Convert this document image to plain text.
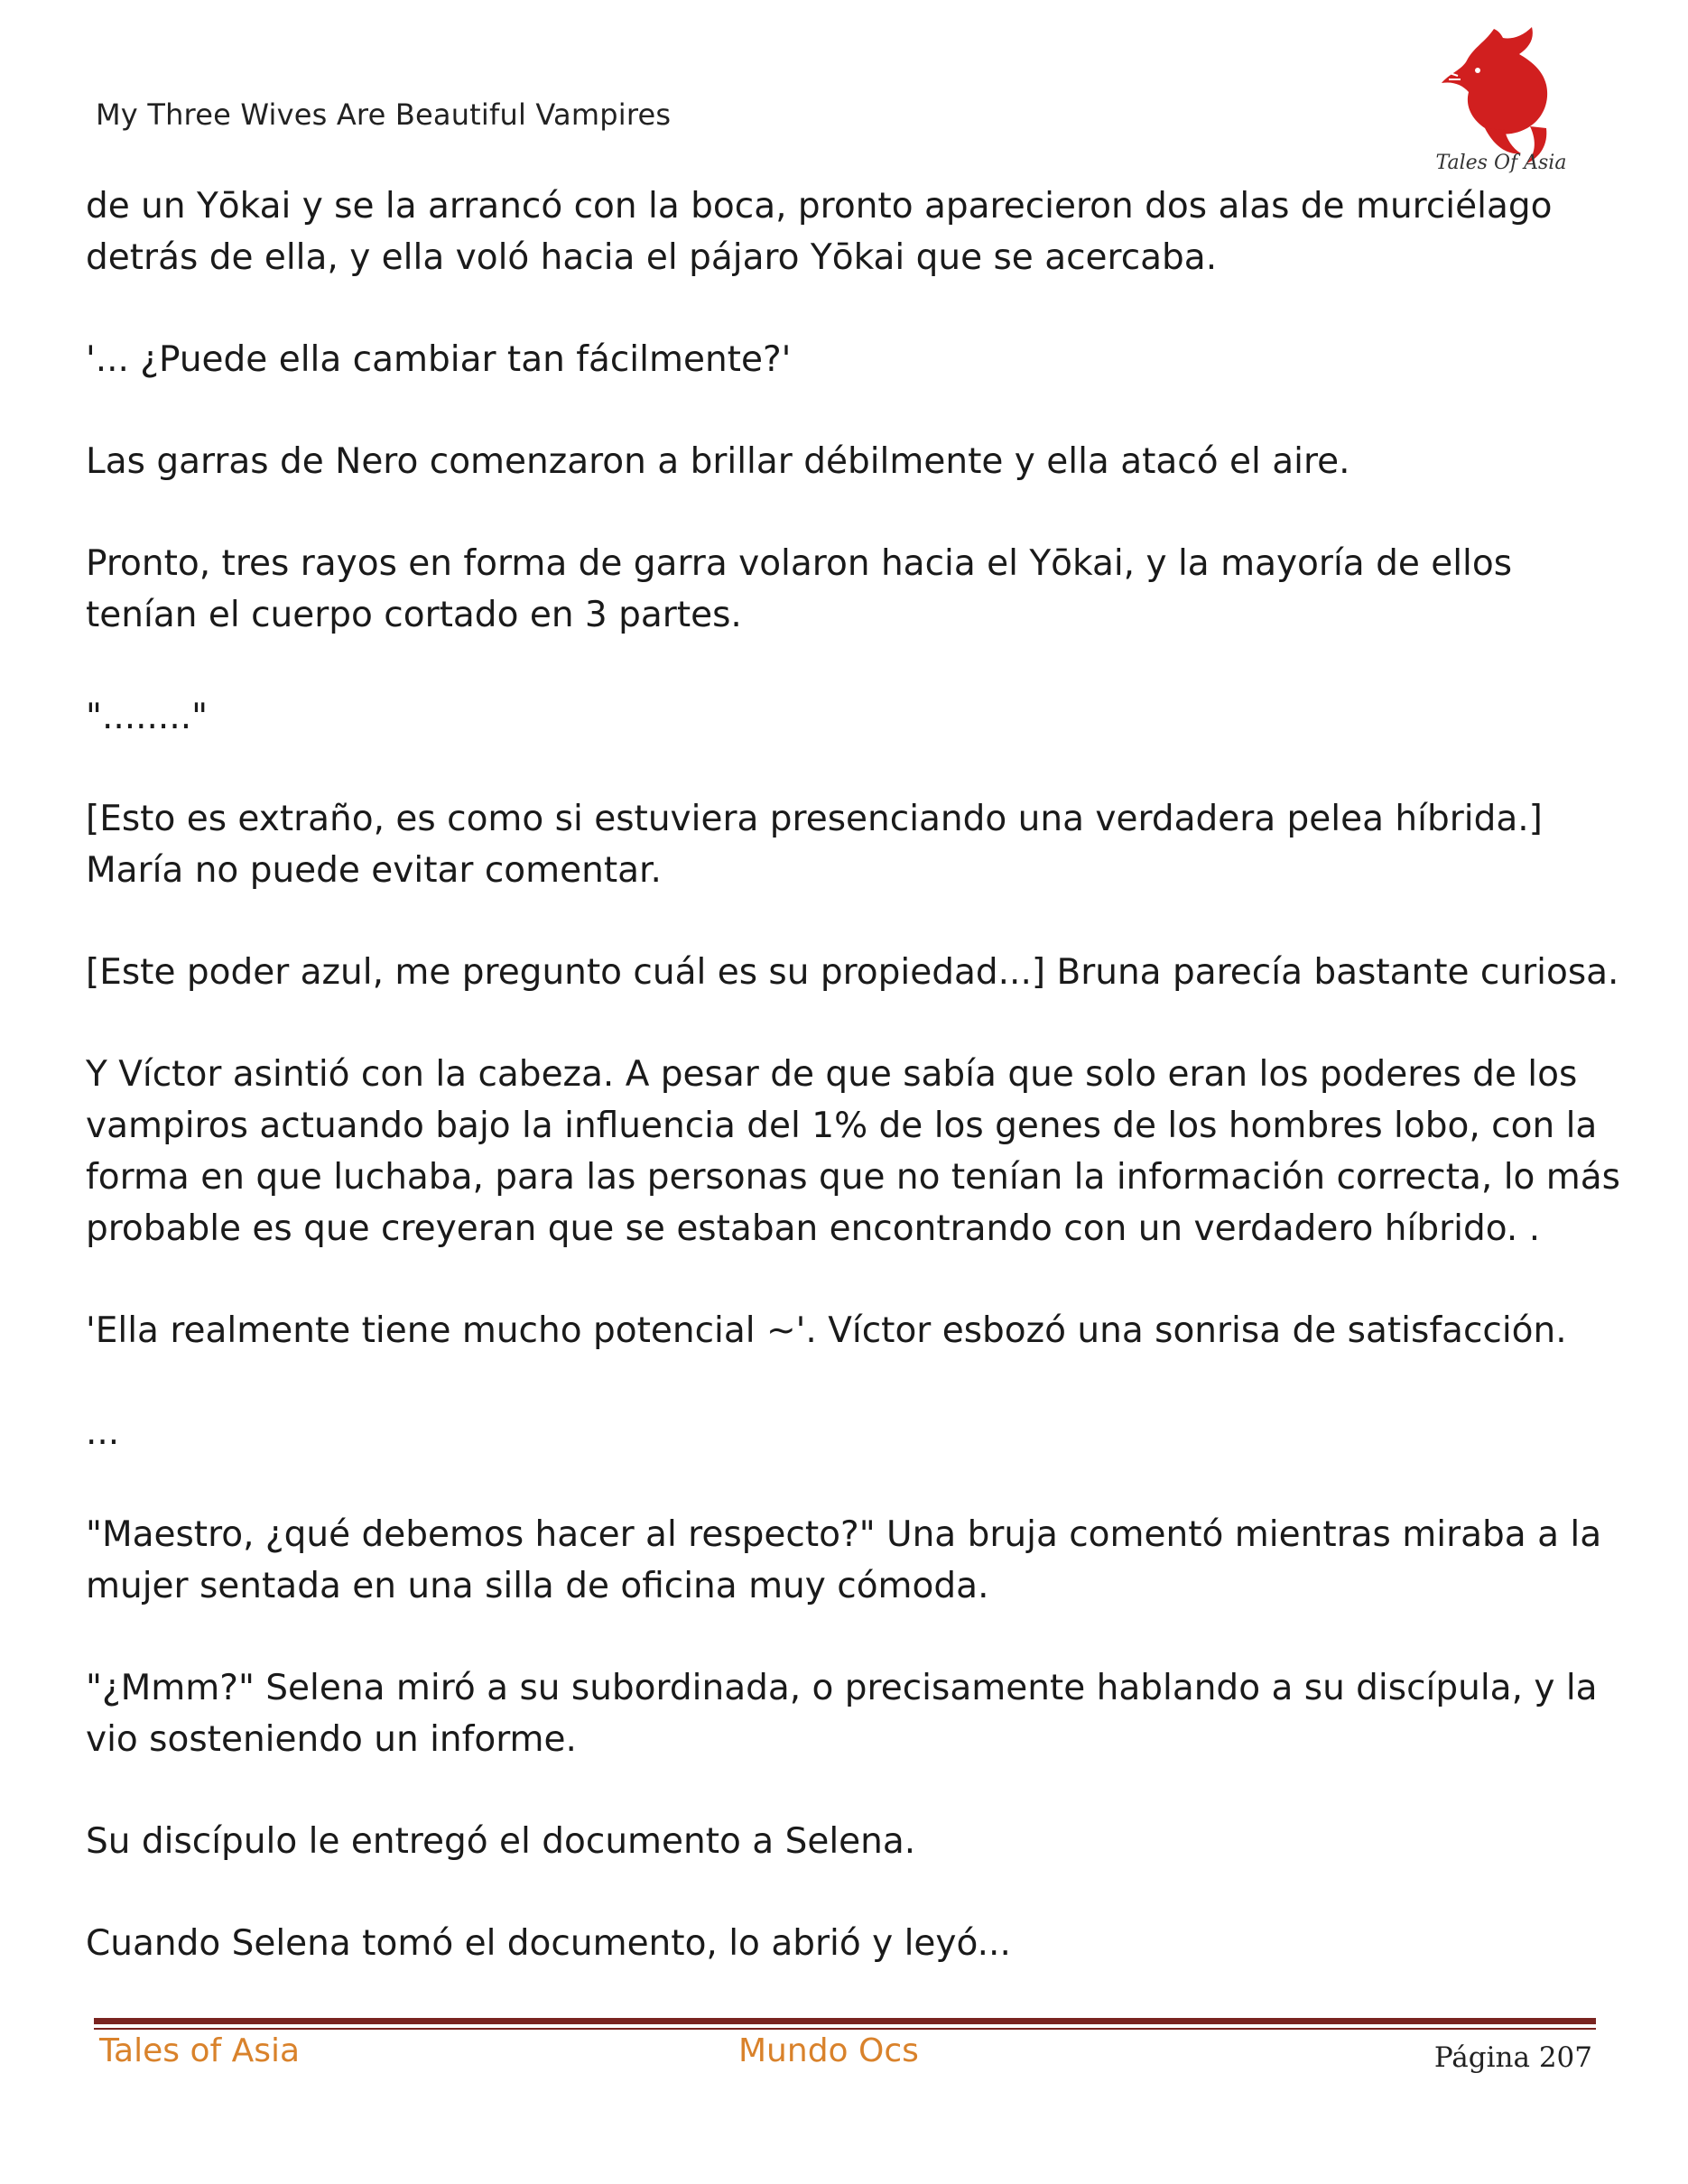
My Three Wives Are Beautiful Vampires
Tales Of Asia

de un Yōkai y se la arrancó con la boca, pronto aparecieron dos alas de murciélago detrás de ella, y ella voló hacia el pájaro Yōkai que se acercaba.

'... ¿Puede ella cambiar tan fácilmente?'

Las garras de Nero comenzaron a brillar débilmente y ella atacó el aire.

Pronto, tres rayos en forma de garra volaron hacia el Yōkai, y la mayoría de ellos tenían el cuerpo cortado en 3 partes.

"........"

[Esto es extraño, es como si estuviera presenciando una verdadera pelea híbrida.] María no puede evitar comentar.

[Este poder azul, me pregunto cuál es su propiedad...] Bruna parecía bastante curiosa.

Y Víctor asintió con la cabeza. A pesar de que sabía que solo eran los poderes de los vampiros actuando bajo la influencia del 1% de los genes de los hombres lobo, con la forma en que luchaba, para las personas que no tenían la información correcta, lo más probable es que creyeran que se estaban encontrando con un verdadero híbrido. .

'Ella realmente tiene mucho potencial ~'. Víctor esbozó una sonrisa de satisfacción.

...

"Maestro, ¿qué debemos hacer al respecto?" Una bruja comentó mientras miraba a la mujer sentada en una silla de oficina muy cómoda.

"¿Mmm?" Selena miró a su subordinada, o precisamente hablando a su discípula, y la vio sosteniendo un informe.

Su discípulo le entregó el documento a Selena.

Cuando Selena tomó el documento, lo abrió y leyó...

Tales of Asia	Mundo Ocs	Página 207
